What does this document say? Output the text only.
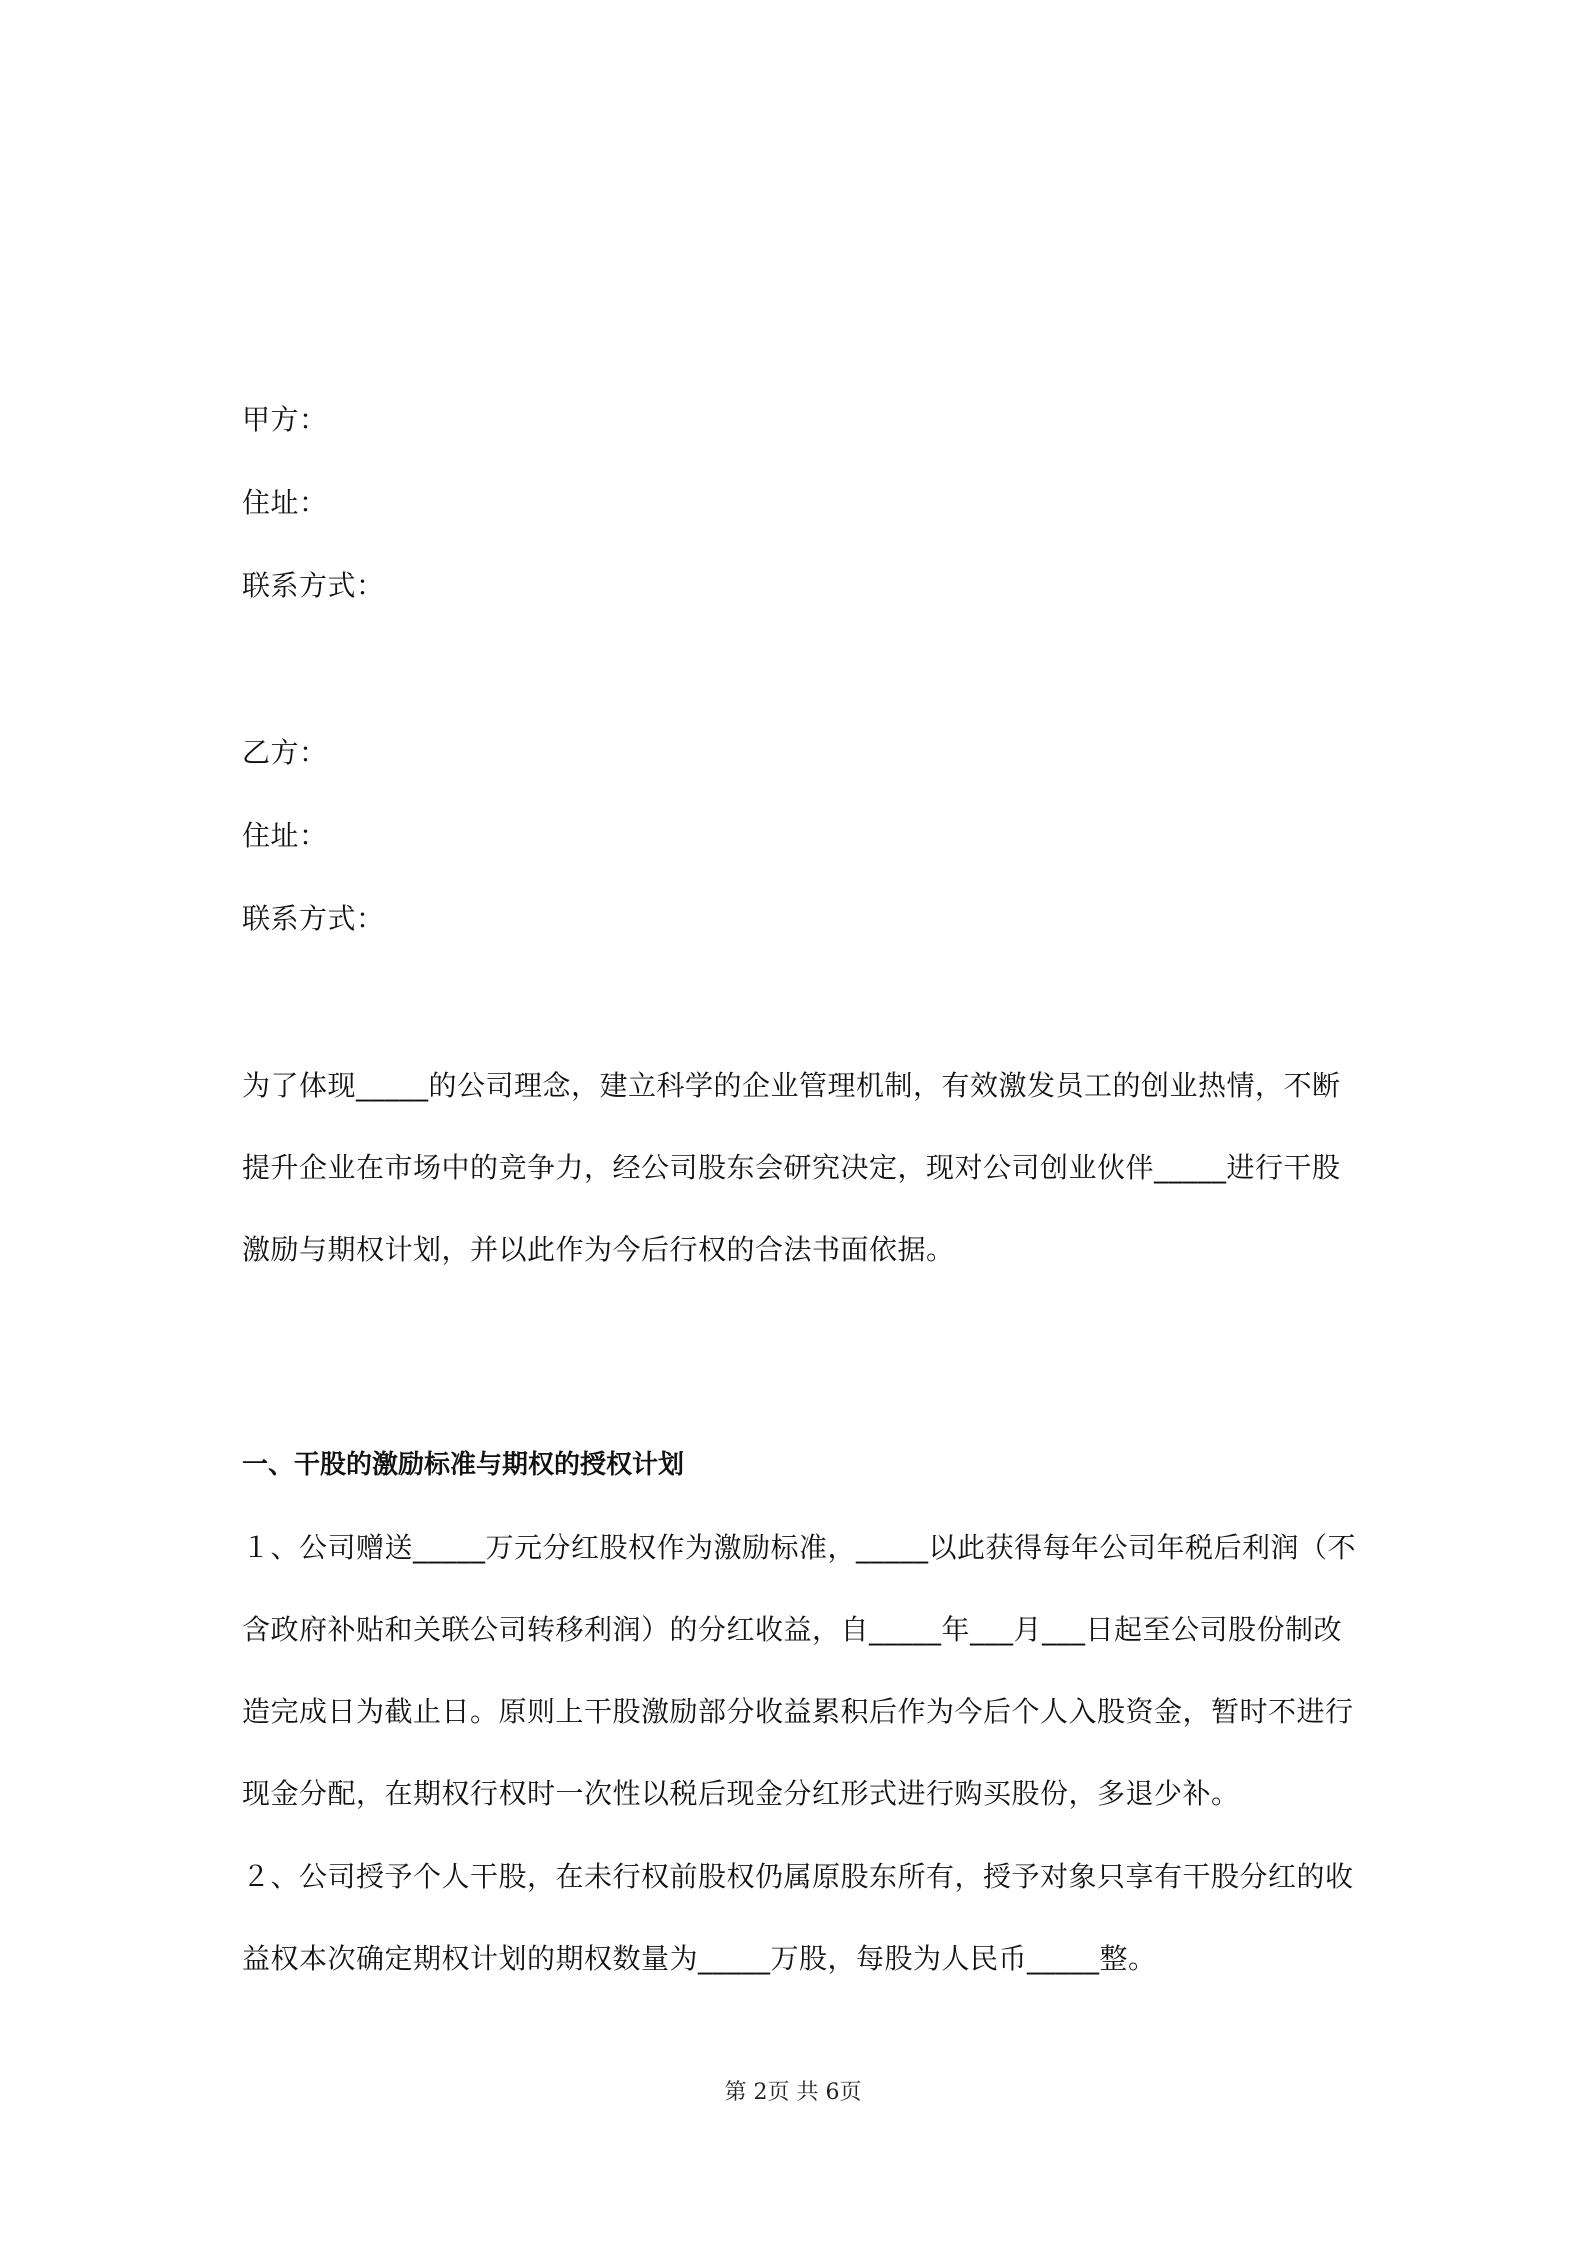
甲方：
住址：
联系方式：
乙方：
住址：
联系方式：
为了体现_____的公司理念，建立科学的企业管理机制，有效激发员工的创业热情，不断提升企业在市场中的竞争力，经公司股东会研究决定，现对公司创业伙伴_____进行干股激励与期权计划，并以此作为今后行权的合法书面依据。
一、干股的激励标准与期权的授权计划
１、公司赠送_____万元分红股权作为激励标准，_____以此获得每年公司年税后利润（不含政府补贴和关联公司转移利润）的分红收益，自_____年___月___日起至公司股份制改造完成日为截止日。原则上干股激励部分收益累积后作为今后个人入股资金，暂时不进行现金分配，在期权行权时一次性以税后现金分红形式进行购买股份，多退少补。
２、公司授予个人干股，在未行权前股权仍属原股东所有，授予对象只享有干股分红的收益权本次确定期权计划的期权数量为_____万股，每股为人民币_____整。
第 2页 共 6页
